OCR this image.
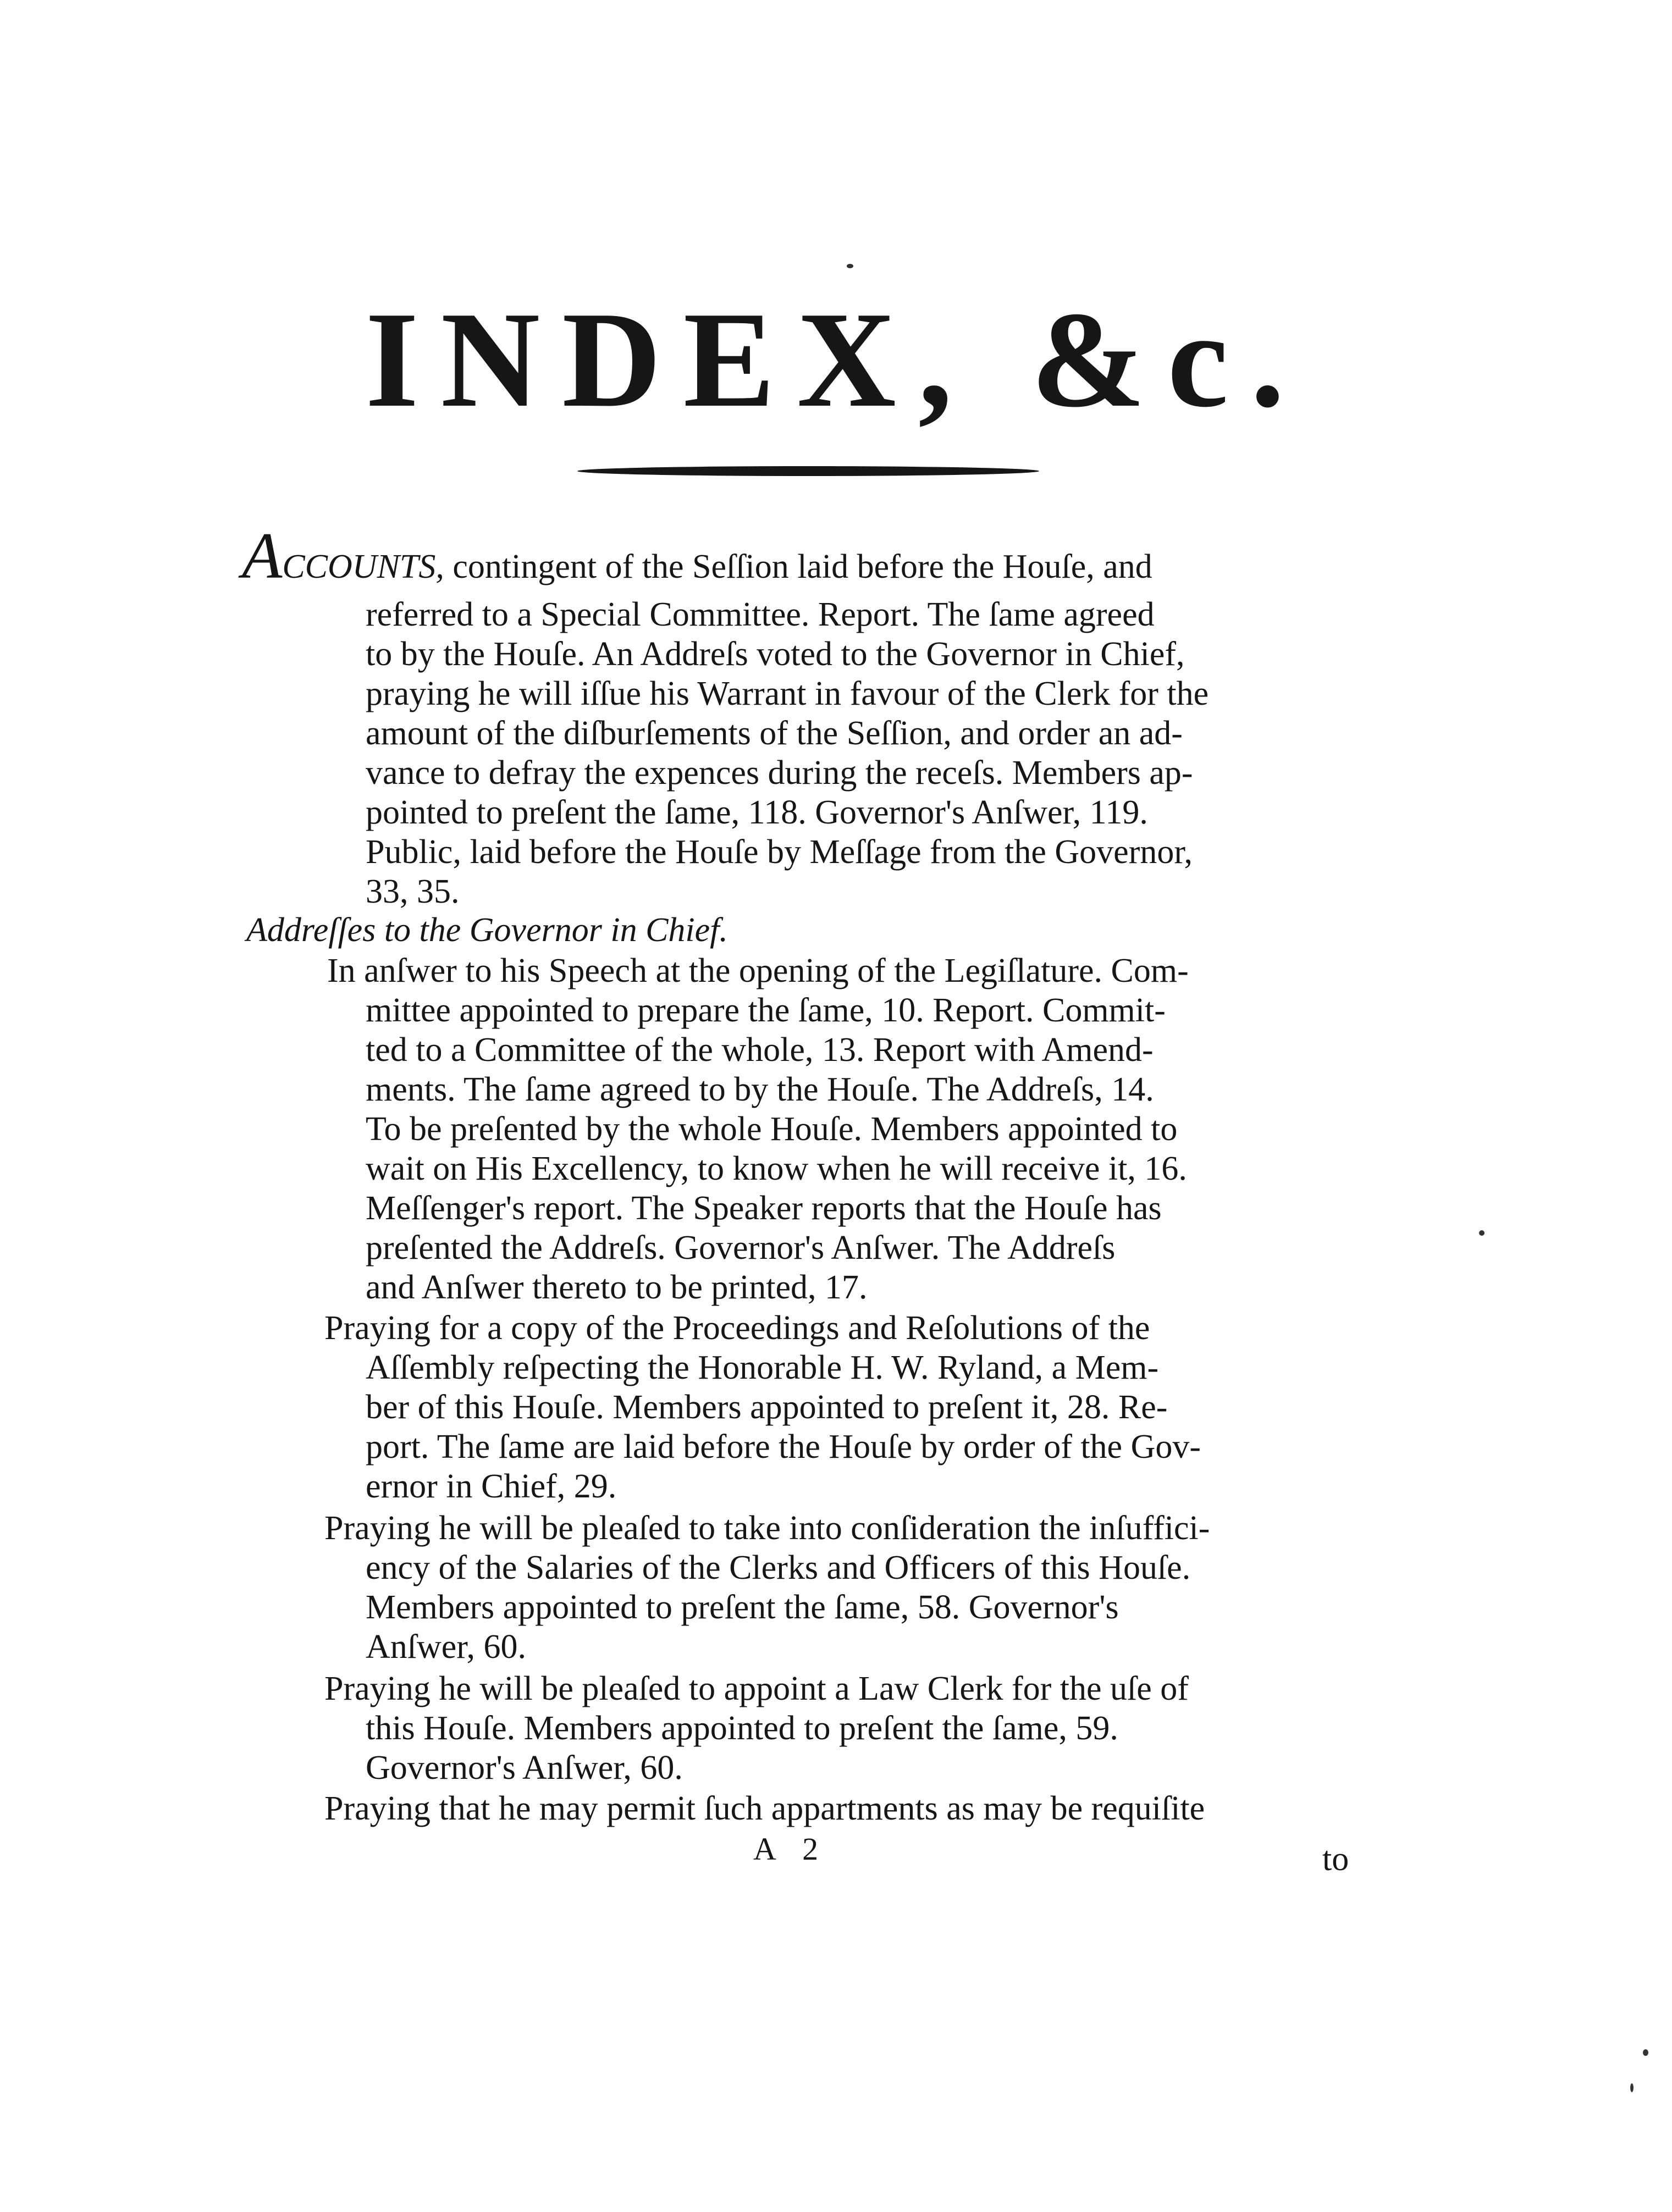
INDEX, &c.
ACCOUNTS, contingent of the Seſſion laid before the Houſe, and
referred to a Special Committee. Report. The ſame agreed
to by the Houſe. An Addreſs voted to the Governor in Chief,
praying he will iſſue his Warrant in favour of the Clerk for the
amount of the diſburſements of the Seſſion, and order an ad-
vance to defray the expences during the receſs. Members ap-
pointed to preſent the ſame, 118. Governor's Anſwer, 119.
Public, laid before the Houſe by Meſſage from the Governor,
33, 35.
Addreſſes to the Governor in Chief.
In anſwer to his Speech at the opening of the Legiſlature. Com-
mittee appointed to prepare the ſame, 10. Report. Commit-
ted to a Committee of the whole, 13. Report with Amend-
ments. The ſame agreed to by the Houſe. The Addreſs, 14.
To be preſented by the whole Houſe. Members appointed to
wait on His Excellency, to know when he will receive it, 16.
Meſſenger's report. The Speaker reports that the Houſe has
preſented the Addreſs. Governor's Anſwer. The Addreſs
and Anſwer thereto to be printed, 17.
Praying for a copy of the Proceedings and Reſolutions of the
Aſſembly reſpecting the Honorable H. W. Ryland, a Mem-
ber of this Houſe. Members appointed to preſent it, 28. Re-
port. The ſame are laid before the Houſe by order of the Gov-
ernor in Chief, 29.
Praying he will be pleaſed to take into conſideration the inſuffici-
ency of the Salaries of the Clerks and Officers of this Houſe.
Members appointed to preſent the ſame, 58. Governor's
Anſwer, 60.
Praying he will be pleaſed to appoint a Law Clerk for the uſe of
this Houſe. Members appointed to preſent the ſame, 59.
Governor's Anſwer, 60.
Praying that he may permit ſuch appartments as may be requiſite
A 2	to
